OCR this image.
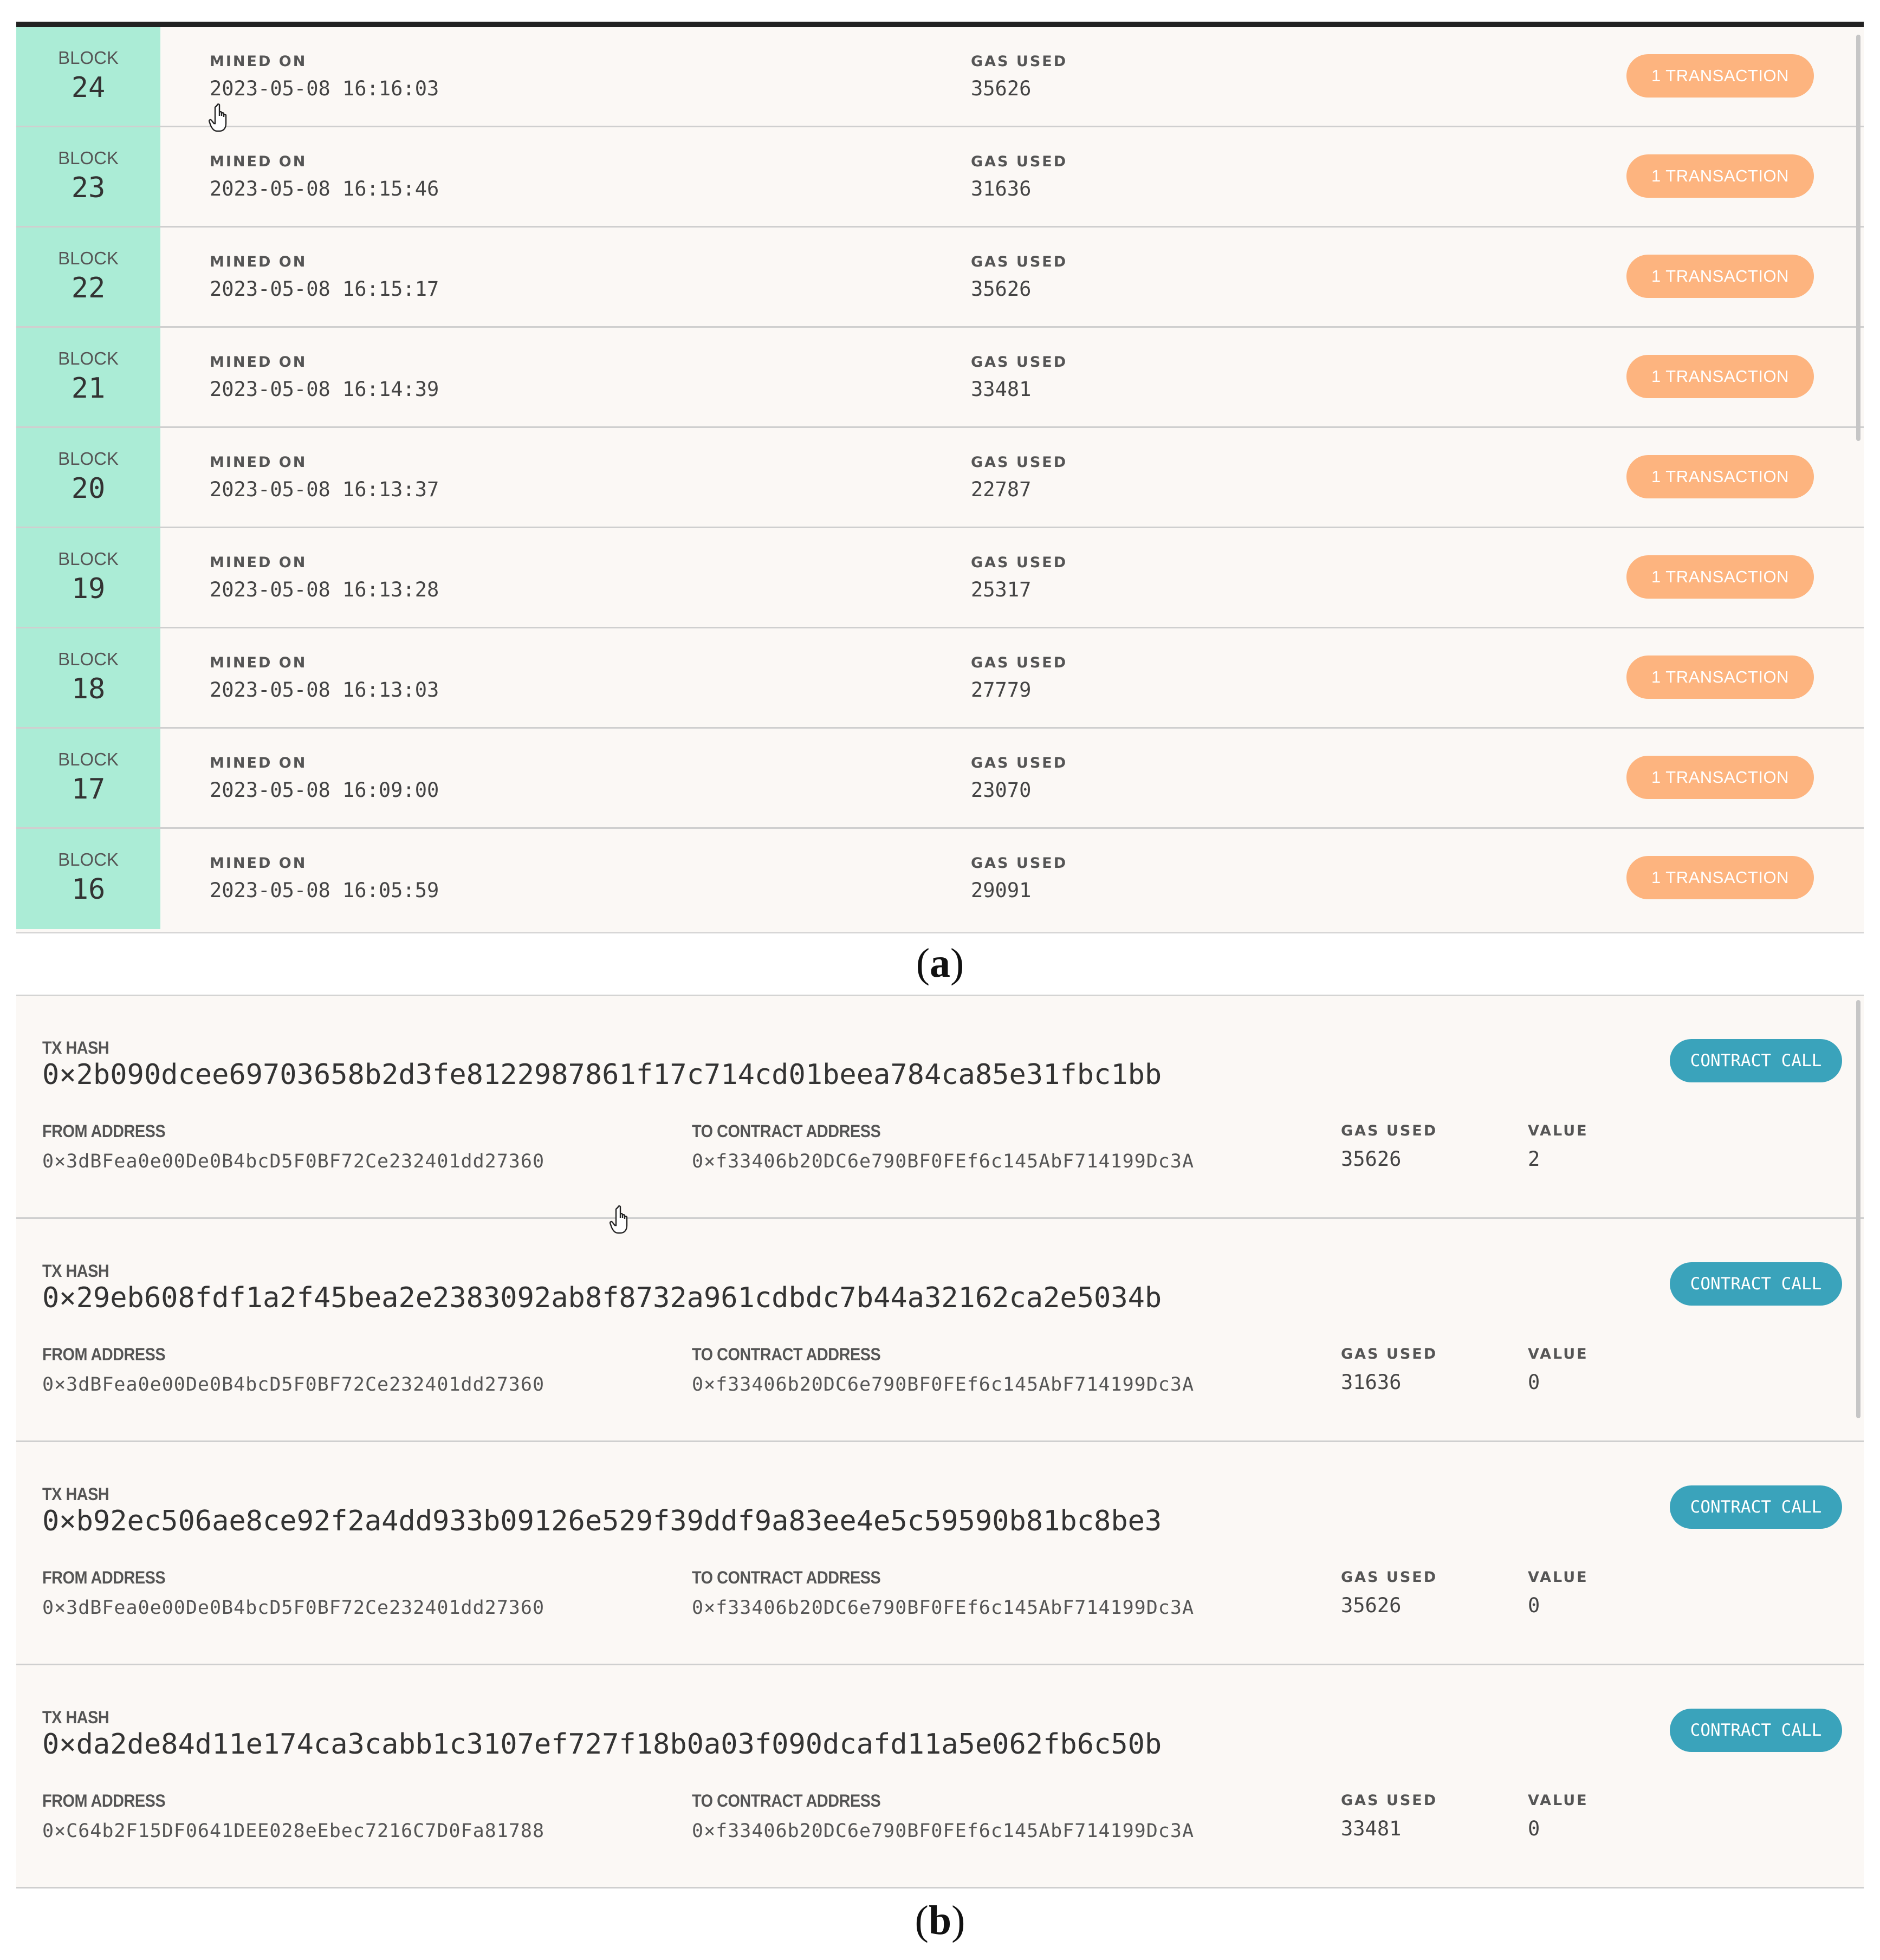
BLOCK
24
MINED ON
2023-05-08 16:16:03
GAS USED
35626
1 TRANSACTION
BLOCK
23
MINED ON
2023-05-08 16:15:46
GAS USED
31636
1 TRANSACTION
BLOCK
22
MINED ON
2023-05-08 16:15:17
GAS USED
35626
1 TRANSACTION
BLOCK
21
MINED ON
2023-05-08 16:14:39
GAS USED
33481
1 TRANSACTION
BLOCK
20
MINED ON
2023-05-08 16:13:37
GAS USED
22787
1 TRANSACTION
BLOCK
19
MINED ON
2023-05-08 16:13:28
GAS USED
25317
1 TRANSACTION
BLOCK
18
MINED ON
2023-05-08 16:13:03
GAS USED
27779
1 TRANSACTION
BLOCK
17
MINED ON
2023-05-08 16:09:00
GAS USED
23070
1 TRANSACTION
BLOCK
16
MINED ON
2023-05-08 16:05:59
GAS USED
29091
1 TRANSACTION
(a)
TX HASH
0×2b090dcee69703658b2d3fe8122987861f17c714cd01beea784ca85e31fbc1bb
FROM ADDRESS
0×3dBFea0e00De0B4bcD5F0BF72Ce232401dd27360
TO CONTRACT ADDRESS
0×f33406b20DC6e790BF0FEf6c145AbF714199Dc3A
GAS USED
35626
VALUE
2
CONTRACT CALL
TX HASH
0×29eb608fdf1a2f45bea2e2383092ab8f8732a961cdbdc7b44a32162ca2e5034b
FROM ADDRESS
0×3dBFea0e00De0B4bcD5F0BF72Ce232401dd27360
TO CONTRACT ADDRESS
0×f33406b20DC6e790BF0FEf6c145AbF714199Dc3A
GAS USED
31636
VALUE
0
CONTRACT CALL
TX HASH
0×b92ec506ae8ce92f2a4dd933b09126e529f39ddf9a83ee4e5c59590b81bc8be3
FROM ADDRESS
0×3dBFea0e00De0B4bcD5F0BF72Ce232401dd27360
TO CONTRACT ADDRESS
0×f33406b20DC6e790BF0FEf6c145AbF714199Dc3A
GAS USED
35626
VALUE
0
CONTRACT CALL
TX HASH
0×da2de84d11e174ca3cabb1c3107ef727f18b0a03f090dcafd11a5e062fb6c50b
FROM ADDRESS
0×C64b2F15DF0641DEE028eEbec7216C7D0Fa81788
TO CONTRACT ADDRESS
0×f33406b20DC6e790BF0FEf6c145AbF714199Dc3A
GAS USED
33481
VALUE
0
CONTRACT CALL
(b)
